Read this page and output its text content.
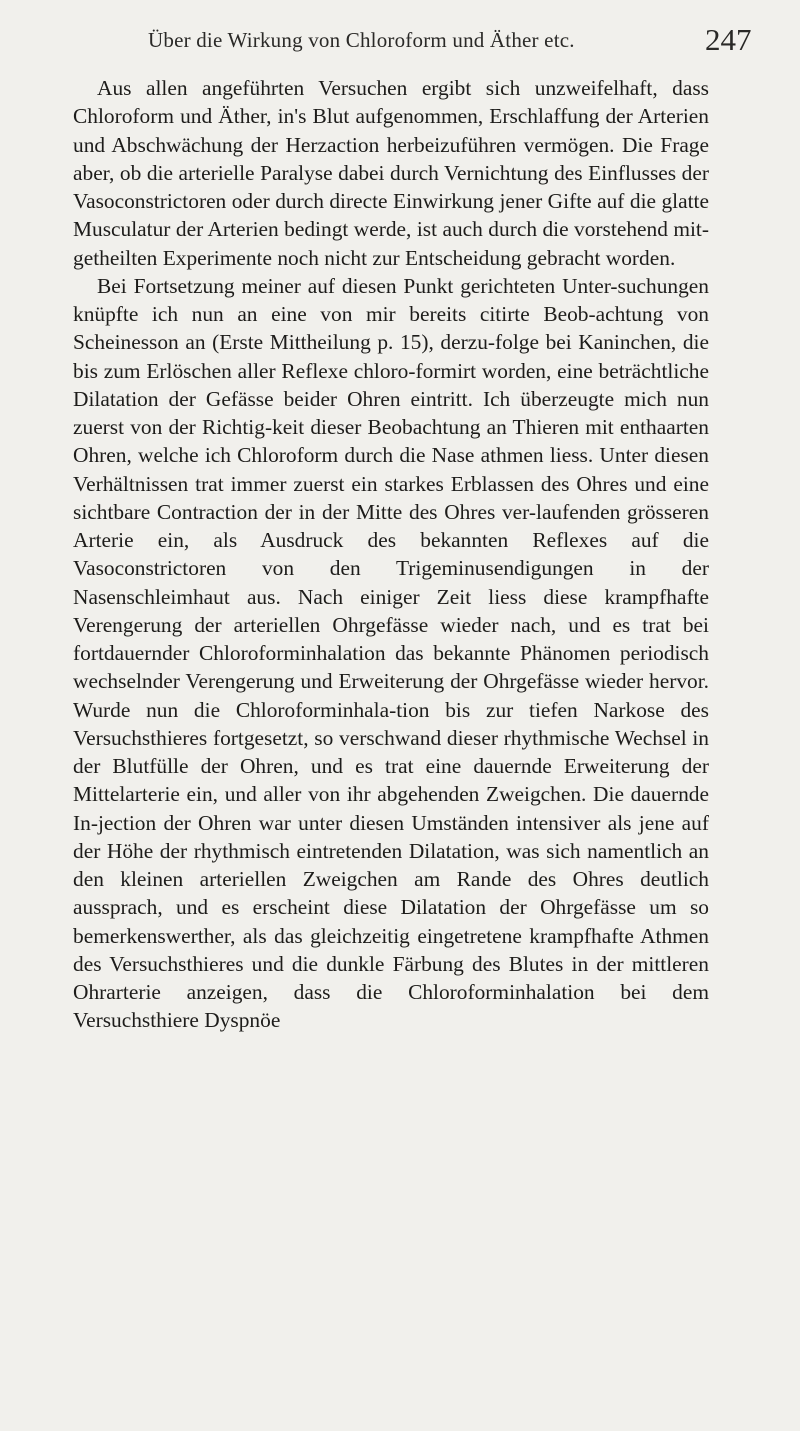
Über die Wirkung von Chloroform und Äther etc.	247

Aus allen angeführten Versuchen ergibt sich unzweifelhaft, dass Chloroform und Äther, in's Blut aufgenommen, Erschlaffung der Arterien und Abschwächung der Herzaction herbeizuführen vermögen. Die Frage aber, ob die arterielle Paralyse dabei durch Vernichtung des Einflusses der Vasoconstrictoren oder durch directe Einwirkung jener Gifte auf die glatte Musculatur der Arterien bedingt werde, ist auch durch die vorstehend mit-getheilten Experimente noch nicht zur Entscheidung gebracht worden.

Bei Fortsetzung meiner auf diesen Punkt gerichteten Unter-suchungen knüpfte ich nun an eine von mir bereits citirte Beob-achtung von Scheinesson an (Erste Mittheilung p. 15), derzu-folge bei Kaninchen, die bis zum Erlöschen aller Reflexe chloro-formirt worden, eine beträchtliche Dilatation der Gefässe beider Ohren eintritt. Ich überzeugte mich nun zuerst von der Richtig-keit dieser Beobachtung an Thieren mit enthaarten Ohren, welche ich Chloroform durch die Nase athmen liess. Unter diesen Verhältnissen trat immer zuerst ein starkes Erblassen des Ohres und eine sichtbare Contraction der in der Mitte des Ohres ver-laufenden grösseren Arterie ein, als Ausdruck des bekannten Reflexes auf die Vasoconstrictoren von den Trigeminusendigungen in der Nasenschleimhaut aus. Nach einiger Zeit liess diese krampfhafte Verengerung der arteriellen Ohrgefässe wieder nach, und es trat bei fortdauernder Chloroforminhalation das bekannte Phänomen periodisch wechselnder Verengerung und Erweiterung der Ohrgefässe wieder hervor. Wurde nun die Chloroforminhala-tion bis zur tiefen Narkose des Versuchsthieres fortgesetzt, so verschwand dieser rhythmische Wechsel in der Blutfülle der Ohren, und es trat eine dauernde Erweiterung der Mittelarterie ein, und aller von ihr abgehenden Zweigchen. Die dauernde In-jection der Ohren war unter diesen Umständen intensiver als jene auf der Höhe der rhythmisch eintretenden Dilatation, was sich namentlich an den kleinen arteriellen Zweigchen am Rande des Ohres deutlich aussprach, und es erscheint diese Dilatation der Ohrgefässe um so bemerkenswerther, als das gleichzeitig eingetretene krampfhafte Athmen des Versuchsthieres und die dunkle Färbung des Blutes in der mittleren Ohrarterie anzeigen, dass die Chloroforminhalation bei dem Versuchsthiere Dyspnöe
